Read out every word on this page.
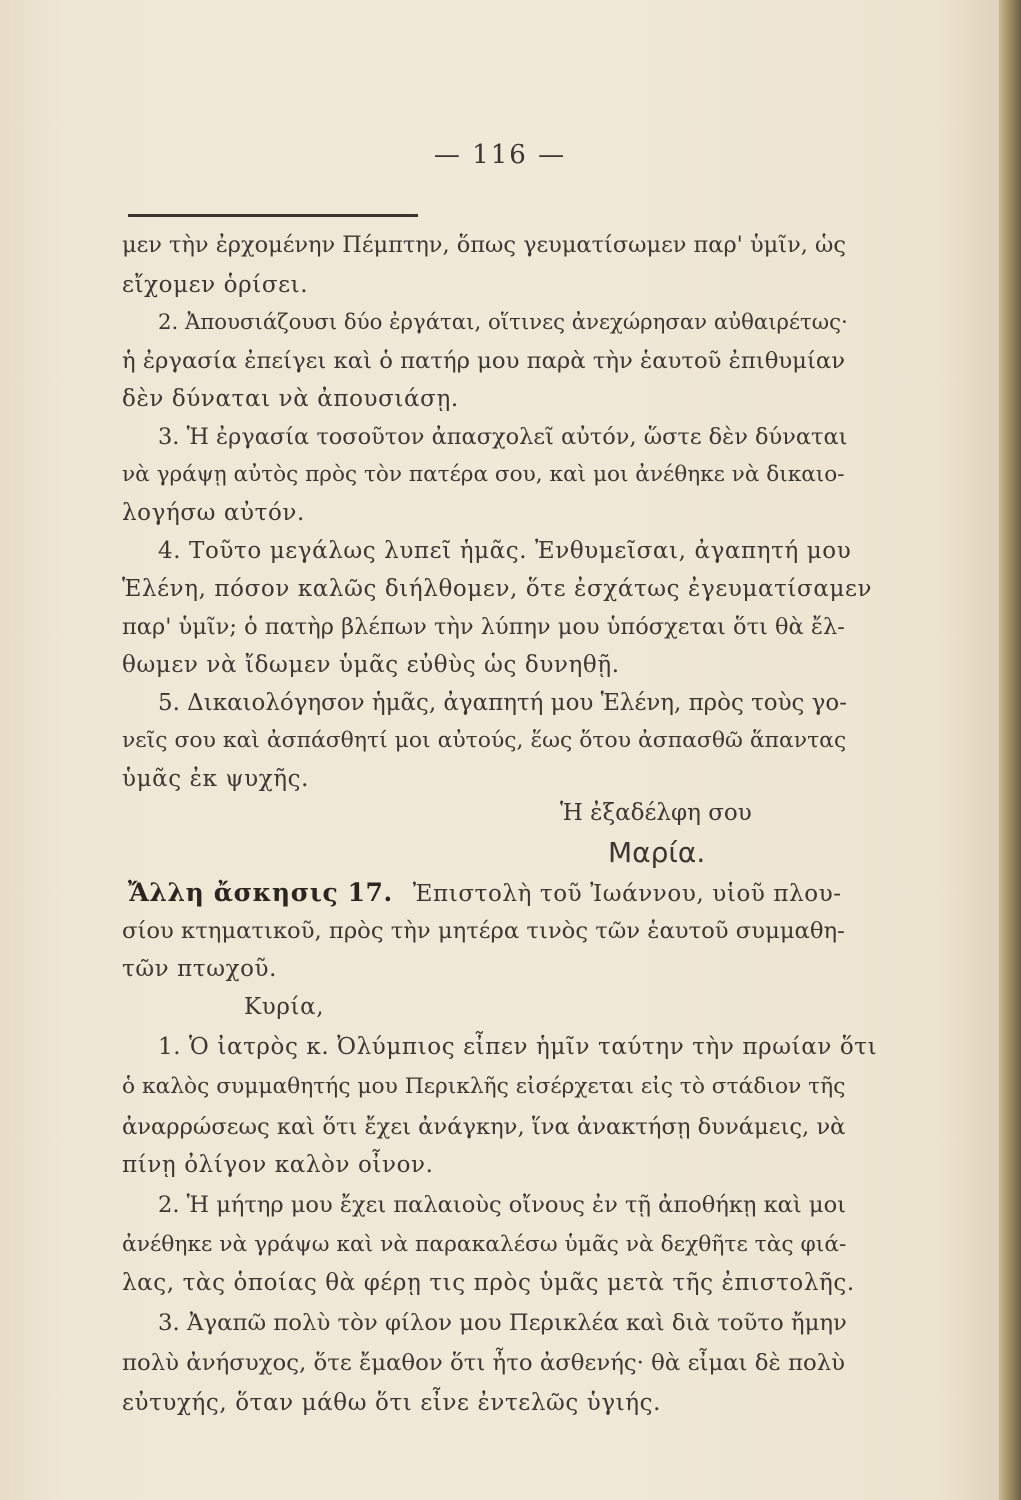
— 116 —
μεν τὴν ἐρχομένην Πέμπτην, ὅπως γευματίσωμεν παρ' ὑμῖν, ὡς
εἴχομεν ὁρίσει.
2. Ἀπουσιάζουσι δύο ἐργάται, οἵτινες ἀνεχώρησαν αὐθαιρέτως·
ἡ ἐργασία ἐπείγει καὶ ὁ πατήρ μου παρὰ τὴν ἑαυτοῦ ἐπιθυμίαν
δὲν δύναται νὰ ἀπουσιάσῃ.
3. Ἡ ἐργασία τοσοῦτον ἀπασχολεῖ αὐτόν, ὥστε δὲν δύναται
νὰ γράψῃ αὐτὸς πρὸς τὸν πατέρα σου, καὶ μοι ἀνέθηκε νὰ δικαιο-
λογήσω αὐτόν.
4. Τοῦτο μεγάλως λυπεῖ ἡμᾶς. Ἐνθυμεῖσαι, ἀγαπητή μου
Ἑλένη, πόσον καλῶς διήλθομεν, ὅτε ἐσχάτως ἐγευματίσαμεν
παρ' ὑμῖν; ὁ πατὴρ βλέπων τὴν λύπην μου ὑπόσχεται ὅτι θὰ ἔλ-
θωμεν νὰ ἴδωμεν ὑμᾶς εὐθὺς ὡς δυνηθῇ.
5. Δικαιολόγησον ἡμᾶς, ἀγαπητή μου Ἑλένη, πρὸς τοὺς γο-
νεῖς σου καὶ ἀσπάσθητί μοι αὐτούς, ἕως ὅτου ἀσπασθῶ ἅπαντας
ὑμᾶς ἐκ ψυχῆς.
Ἡ ἐξαδέλφη σου
Μαρία.
Ἄλλη ἄσκησις 17. Ἐπιστολὴ τοῦ Ἰωάννου, υἱοῦ πλου-
σίου κτηματικοῦ, πρὸς τὴν μητέρα τινὸς τῶν ἑαυτοῦ συμμαθη-
τῶν πτωχοῦ.
Κυρία,
1. Ὁ ἰατρὸς κ. Ὀλύμπιος εἶπεν ἡμῖν ταύτην τὴν πρωίαν ὅτι
ὁ καλὸς συμμαθητής μου Περικλῆς εἰσέρχεται εἰς τὸ στάδιον τῆς
ἀναρρώσεως καὶ ὅτι ἔχει ἀνάγκην, ἵνα ἀνακτήσῃ δυνάμεις, νὰ
πίνῃ ὀλίγον καλὸν οἶνον.
2. Ἡ μήτηρ μου ἔχει παλαιοὺς οἴνους ἐν τῇ ἀποθήκῃ καὶ μοι
ἀνέθηκε νὰ γράψω καὶ νὰ παρακαλέσω ὑμᾶς νὰ δεχθῆτε τὰς φιά-
λας, τὰς ὁποίας θὰ φέρῃ τις πρὸς ὑμᾶς μετὰ τῆς ἐπιστολῆς.
3. Ἀγαπῶ πολὺ τὸν φίλον μου Περικλέα καὶ διὰ τοῦτο ἤμην
πολὺ ἀνήσυχος, ὅτε ἔμαθον ὅτι ἦτο ἀσθενής· θὰ εἶμαι δὲ πολὺ
εὐτυχής, ὅταν μάθω ὅτι εἶνε ἐντελῶς ὑγιής.
